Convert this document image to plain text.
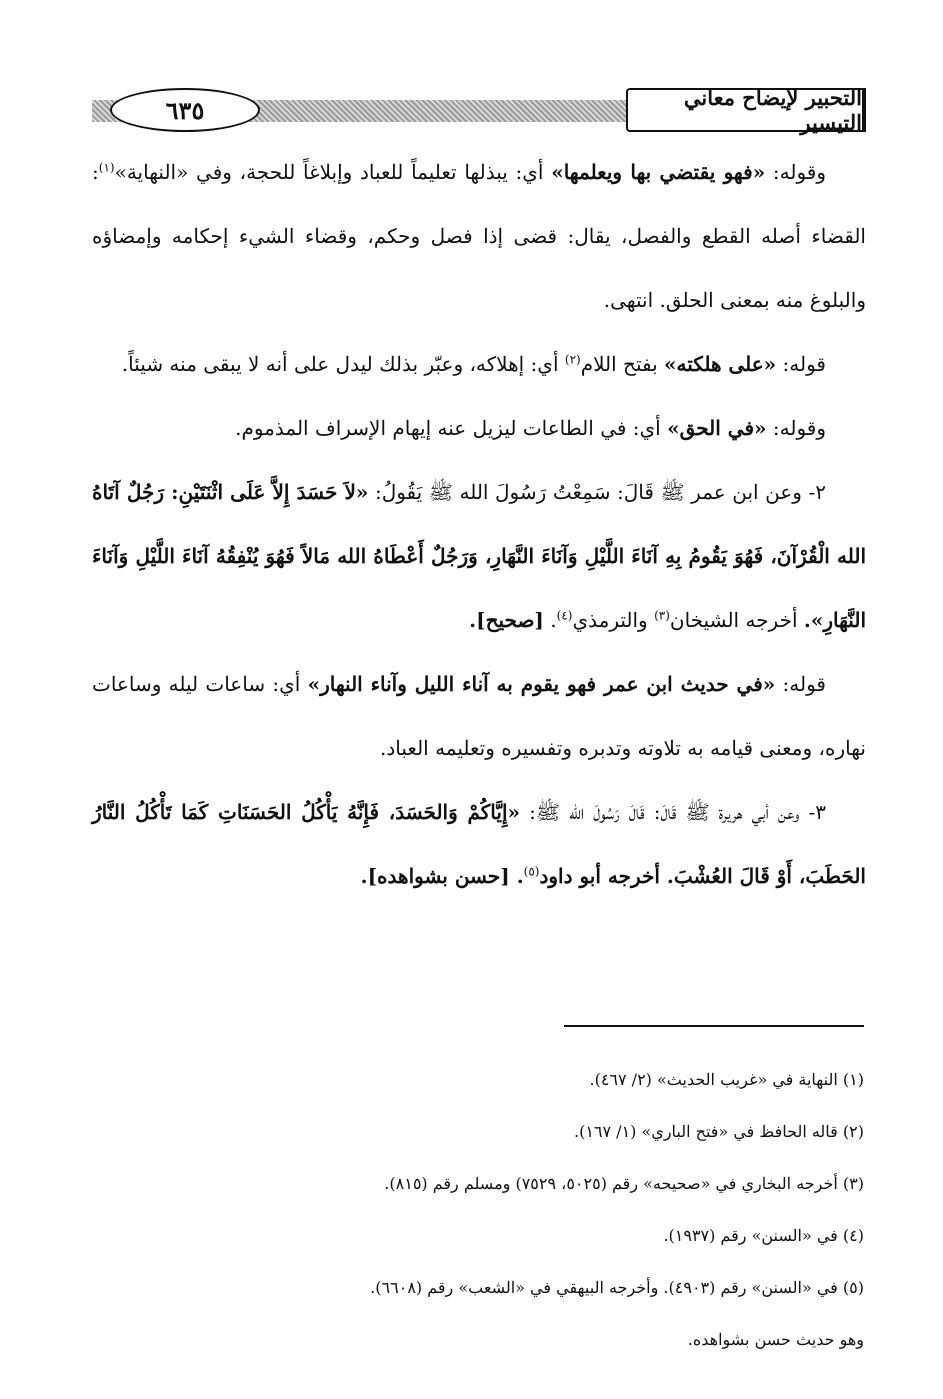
٦٣٥	التحبير لإيضاح معاني التيسير

وقوله: «فهو يقتضي بها ويعلمها» أي: يبذلها تعليماً للعباد وإبلاغاً للحجة، وفي «النهاية»$^{(١)}$: القضاء أصله القطع والفصل، يقال: قضى إذا فصل وحكم، وقضاء الشيء إحكامه وإمضاؤه والبلوغ منه بمعنى الحلق. انتهى.

قوله: «على هلكته» بفتح اللام$^{(٢)}$ أي: إهلاكه، وعبّر بذلك ليدل على أنه لا يبقى منه شيئاً.

وقوله: «في الحق» أي: في الطاعات ليزيل عنه إيهام الإسراف المذموم.

٢- وعن ابن عمر ﷺ قَالَ: سَمِعْتُ رَسُولَ الله ﷺ يَقُولُ: «لاَ حَسَدَ إِلاَّ عَلَى اثْنَتَيْنِ: رَجُلٌ آتَاهُ الله الْقُرْآنَ، فَهُوَ يَقُومُ بِهِ آنَاءَ اللَّيْلِ وَآنَاءَ النَّهَارِ، وَرَجُلٌ أَعْطَاهُ الله مَالاً فَهُوَ يُنْفِقُهُ آنَاءَ اللَّيْلِ وَآنَاءَ النَّهَارِ». أخرجه الشيخان$^{(٣)}$ والترمذي$^{(٤)}$. [صحيح].

قوله: «في حديث ابن عمر فهو يقوم به آناء الليل وآناء النهار» أي: ساعات ليله وساعات نهاره، ومعنى قيامه به تلاوته وتدبره وتفسيره وتعليمه العباد.

٣- وعن أبي هريرة ﷺ قَالَ: قَالَ رَسُولَ الله ﷺ: «إِيَّاكُمْ وَالحَسَدَ، فَإِنَّهُ يَأْكُلُ الحَسَنَاتِ كَمَا تَأْكُلُ النَّارُ الحَطَبَ، أَوْ قَالَ العُشْبَ. أخرجه أبو داود$^{(٥)}$. [حسن بشواهده].

(١) النهاية في «غريب الحديث» (٢/ ٤٦٧).
(٢) قاله الحافظ في «فتح الباري» (١/ ١٦٧).
(٣) أخرجه البخاري في «صحيحه» رقم (٥٠٢٥، ٧٥٢٩) ومسلم رقم (٨١٥).
(٤) في «السنن» رقم (١٩٣٧).
(٥) في «السنن» رقم (٤٩٠٣). وأخرجه البيهقي في «الشعب» رقم (٦٦٠٨).
وهو حديث حسن بشواهده.
